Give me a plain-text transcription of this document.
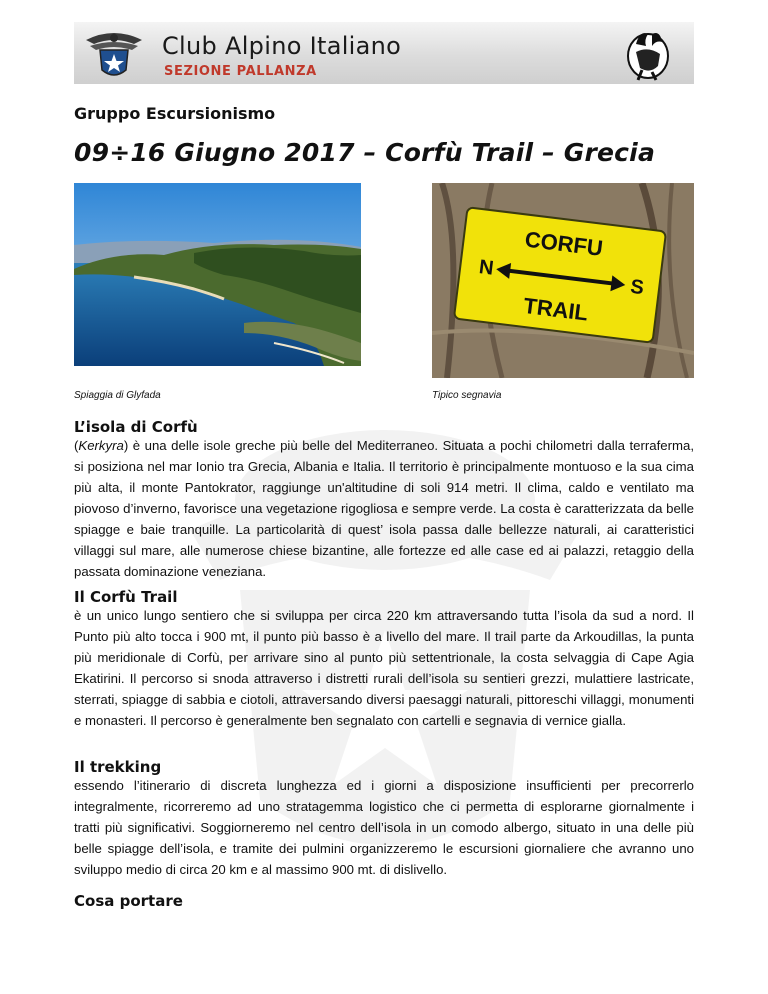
Club Alpino Italiano
SEZIONE PALLANZA
Gruppo Escursionismo
09÷16 Giugno 2017 – Corfù Trail – Grecia
CORFU
N
S
TRAIL
Spiaggia di Glyfada	Tipico segnavia
L’isola di Corfù

(Kerkyra) è una delle isole greche più belle del Mediterraneo. Situata a pochi chilometri dalla terraferma, si posiziona nel mar Ionio tra Grecia, Albania e Italia. Il territorio è principalmente montuoso e la sua cima più alta, il monte Pantokrator, raggiunge un'altitudine di soli 914 metri. Il clima, caldo e ventilato ma piovoso d’inverno, favorisce una vegetazione rigogliosa e sempre verde. La costa è caratterizzata da belle spiagge e baie tranquille. La particolarità di quest’ isola passa dalle bellezze naturali, ai caratteristici villaggi sul mare, alle numerose chiese bizantine, alle fortezze ed alle case ed ai palazzi, retaggio della passata dominazione veneziana.

Il Corfù Trail

è un unico lungo sentiero che si sviluppa per circa 220 km attraversando tutta l’isola da sud a nord. Il Punto più alto tocca i 900 mt, il punto più basso è a livello del mare. Il trail parte da Arkoudillas, la punta più meridionale di Corfù, per arrivare sino al punto più settentrionale, la costa selvaggia di Cape Agia Ekatirini. Il percorso si snoda attraverso i distretti rurali dell’isola su sentieri grezzi, mulattiere lastricate, sterrati, spiagge di sabbia e ciotoli, attraversando diversi paesaggi naturali, pittoreschi villaggi, monumenti e monasteri. Il percorso è generalmente ben segnalato con cartelli e segnavia di vernice gialla.

Il trekking

essendo l’itinerario di discreta lunghezza ed i giorni a disposizione insufficienti per precorrerlo integralmente, ricorreremo ad uno stratagemma logistico che ci permetta di esplorarne giornalmente i tratti più significativi. Soggiorneremo nel centro dell’isola in un comodo albergo, situato in una delle più belle spiagge dell’isola, e tramite dei pulmini organizzeremo le escursioni giornaliere che avranno uno sviluppo medio di circa 20 km e al massimo 900 mt. di dislivello.

Cosa portare
